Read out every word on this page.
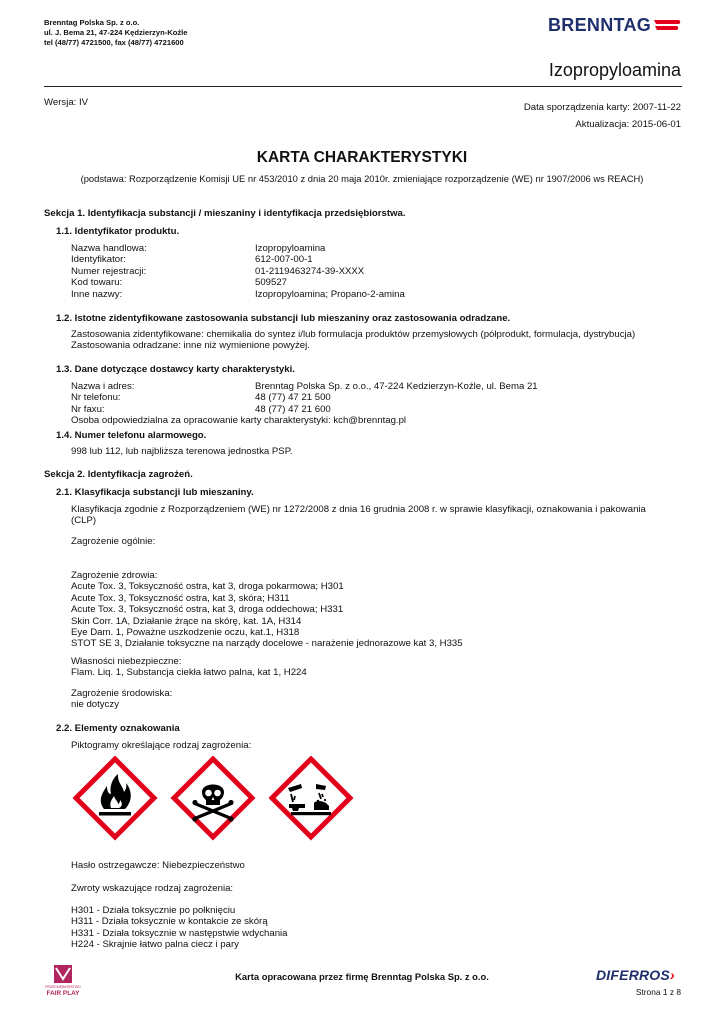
Brenntag Polska Sp. z o.o.
ul. J. Bema 21, 47-224 Kędzierzyn-Koźle
tel (48/77) 4721500, fax (48/77) 4721600
BRENNTAG
Izopropyloamina
Wersja: IV	Data sporządzenia karty: 2007-11-22
Aktualizacja: 2015-06-01
KARTA CHARAKTERYSTYKI
(podstawa: Rozporządzenie Komisji UE nr 453/2010 z dnia 20 maja 2010r. zmieniające rozporządzenie (WE) nr 1907/2006 ws REACH)
Sekcja 1. Identyfikacja substancji / mieszaniny i identyfikacja przedsiębiorstwa.
1.1. Identyfikator produktu.
Nazwa handlowa:	Izopropyloamina
Identyfikator:	612-007-00-1
Numer rejestracji:	01-2119463274-39-XXXX
Kod towaru:	509527
Inne nazwy:	Izopropyloamina; Propano-2-amina
1.2. Istotne zidentyfikowane zastosowania substancji lub mieszaniny oraz zastosowania odradzane.
Zastosowania zidentyfikowane: chemikalia do syntez i/lub formulacja produktów przemysłowych (półprodukt, formulacja, dystrybucja)
Zastosowania odradzane: inne niż wymienione powyżej.
1.3. Dane dotyczące dostawcy karty charakterystyki.
Nazwa i adres:	Brenntag Polska Sp. z o.o., 47-224 Kedzierzyn-Koźle, ul. Bema 21
Nr telefonu:	48 (77) 47 21 500
Nr faxu:	48 (77) 47 21 600
Osoba odpowiedzialna za opracowanie karty charakterystyki: kch@brenntag.pl
1.4. Numer telefonu alarmowego.
998 lub 112, lub najbliższa terenowa jednostka PSP.
Sekcja 2. Identyfikacja zagrożeń.
2.1. Klasyfikacja substancji lub mieszaniny.
Klasyfikacja zgodnie z Rozporządzeniem (WE) nr 1272/2008 z dnia 16 grudnia 2008 r. w sprawie klasyfikacji, oznakowania i pakowania
(CLP)
Zagrożenie ogólnie:
Zagrożenie zdrowia:
Acute Tox. 3, Toksyczność ostra, kat 3, droga pokarmowa; H301
Acute Tox. 3, Toksyczność ostra, kat 3, skóra; H311
Acute Tox. 3, Toksyczność ostra, kat 3, droga oddechowa; H331
Skin Corr. 1A, Działanie żrące na skórę, kat. 1A, H314
Eye Dam. 1, Poważne uszkodzenie oczu, kat.1, H318
STOT SE 3, Działanie toksyczne na narządy docelowe - narażenie jednorazowe kat 3, H335
Własności niebezpieczne:
Flam. Liq. 1, Substancja ciekła łatwo palna, kat 1, H224
Zagrożenie środowiska:
nie dotyczy
2.2. Elementy oznakowania
Piktogramy określające rodzaj zagrożenia:
Hasło ostrzegawcze: Niebezpieczeństwo
Zwroty wskazujące rodzaj zagrożenia:
H301 - Działa toksycznie po połknięciu
H311 - Działa toksycznie w kontakcie ze skórą
H331 - Działa toksycznie w następstwie wdychania
H224 - Skrajnie łatwo palna ciecz i pary
PRZEDSIĘBIORSTWO
FAIR PLAY
Karta opracowana przez firmę Brenntag Polska Sp. z o.o.	DIFERROS›
Strona 1 z 8
